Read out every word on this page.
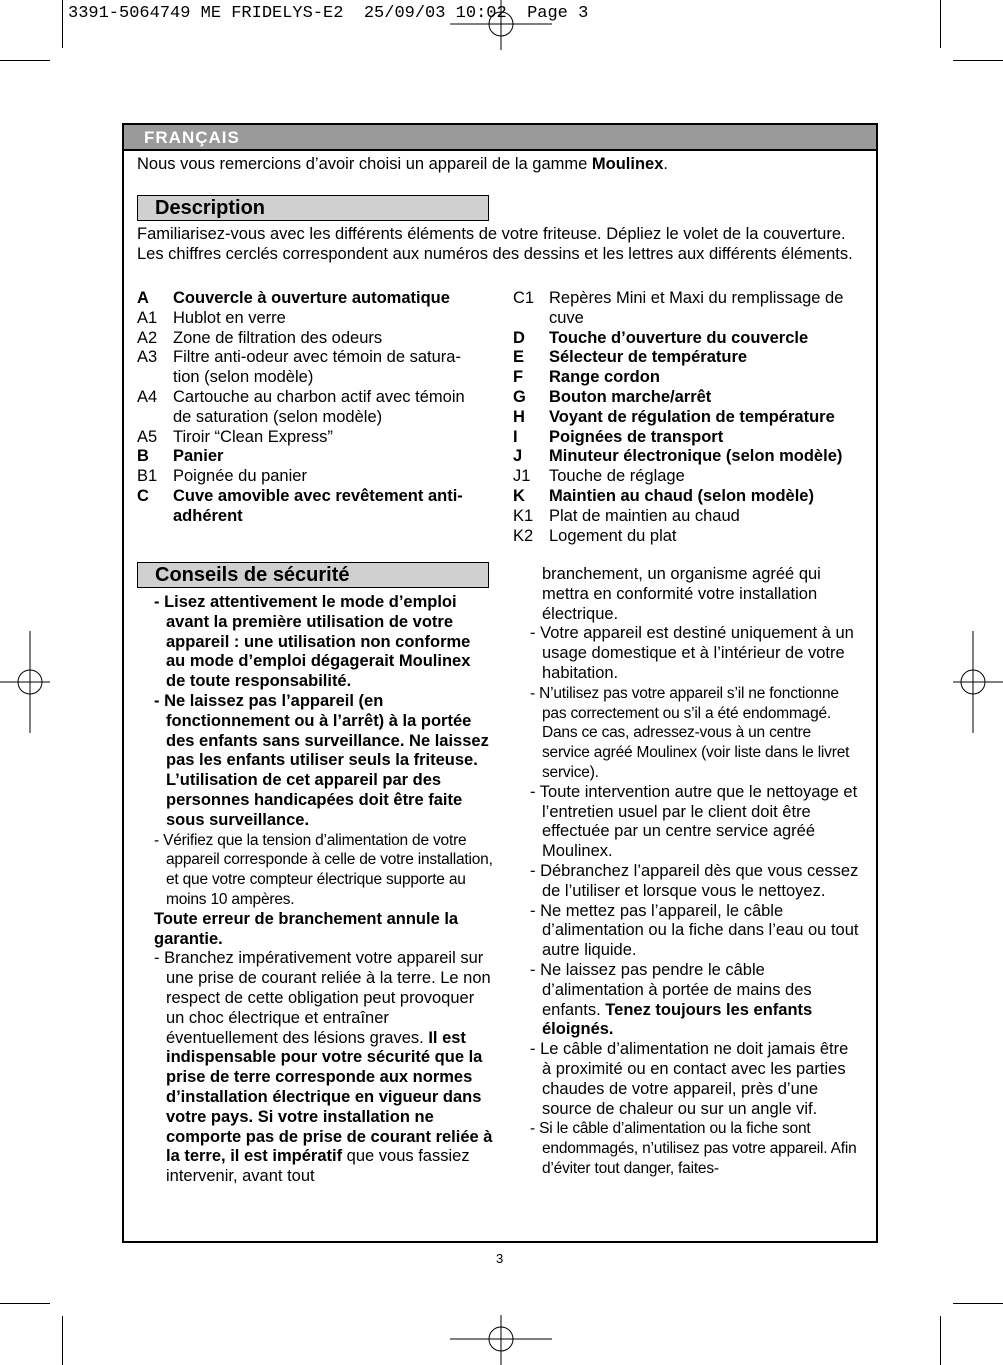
3391-5064749 ME FRIDELYS-E2  25/09/03 10:02  Page 3
FRANÇAIS
Nous vous remercions d’avoir choisi un appareil de la gamme Moulinex.
Description
Familiarisez-vous avec les différents éléments de votre friteuse. Dépliez le volet de la couverture. Les chiffres cerclés correspondent aux numéros des dessins et les lettres aux différents éléments.
A	Couvercle à ouverture automatique
A1 Hublot en verre
A2 Zone de filtration des odeurs
A3 Filtre anti-odeur avec témoin de satura-tion (selon modèle)
A4 Cartouche au charbon actif avec témoin de saturation (selon modèle)
A5 Tiroir “Clean Express”
B	Panier
B1 Poignée du panier
C	Cuve amovible avec revêtement anti-adhérent
C1 Repères Mini et Maxi du remplissage de cuve
D	Touche d’ouverture du couvercle
E	Sélecteur de température
F	Range cordon
G	Bouton marche/arrêt
H	Voyant de régulation de température
I	Poignées de transport
J	Minuteur électronique (selon modèle)
J1	Touche de réglage
K	Maintien au chaud (selon modèle)
K1 Plat de maintien au chaud
K2 Logement du plat
Conseils de sécurité
- Lisez attentivement le mode d’emploi avant la première utilisation de votre appareil : une utilisation non conforme au mode d’emploi dégagerait Moulinex de toute responsabilité.
- Ne laissez pas l’appareil (en fonctionnement ou à l’arrêt) à la portée des enfants sans surveillance. Ne laissez pas les enfants utiliser seuls la friteuse. L’utilisation de cet appareil par des personnes handicapées doit être faite sous surveillance.
- Vérifiez que la tension d’alimentation de votre appareil corresponde à celle de votre installation, et que votre compteur électrique supporte au moins 10 ampères.
Toute erreur de branchement annule la garantie.
- Branchez impérativement votre appareil sur une prise de courant reliée à la terre. Le non respect de cette obligation peut provoquer un choc électrique et entraîner éventuellement des lésions graves. Il est indispensable pour votre sécurité que la prise de terre corresponde aux normes d’installation électrique en vigueur dans votre pays. Si votre installation ne comporte pas de prise de courant reliée à la terre, il est impératif que vous fassiez intervenir, avant tout
branchement, un organisme agréé qui mettra en conformité votre installation électrique.
- Votre appareil est destiné uniquement à un usage domestique et à l’intérieur de votre habitation.
- N’utilisez pas votre appareil s’il ne fonctionne pas correctement ou s’il a été endommagé. Dans ce cas, adressez-vous à un centre service agréé Moulinex (voir liste dans le livret service).
- Toute intervention autre que le nettoyage et l’entretien usuel par le client doit être effectuée par un centre service agréé Moulinex.
- Débranchez l’appareil dès que vous cessez de l’utiliser et lorsque vous le nettoyez.
- Ne mettez pas l’appareil, le câble d’alimentation ou la fiche dans l’eau ou tout autre liquide.
- Ne laissez pas pendre le câble d’alimentation à portée de mains des enfants. Tenez toujours les enfants éloignés.
- Le câble d’alimentation ne doit jamais être à proximité ou en contact avec les parties chaudes de votre appareil, près d’une source de chaleur ou sur un angle vif.
- Si le câble d’alimentation ou la fiche sont endommagés, n’utilisez pas votre appareil. Afin d’éviter tout danger, faites-
3
